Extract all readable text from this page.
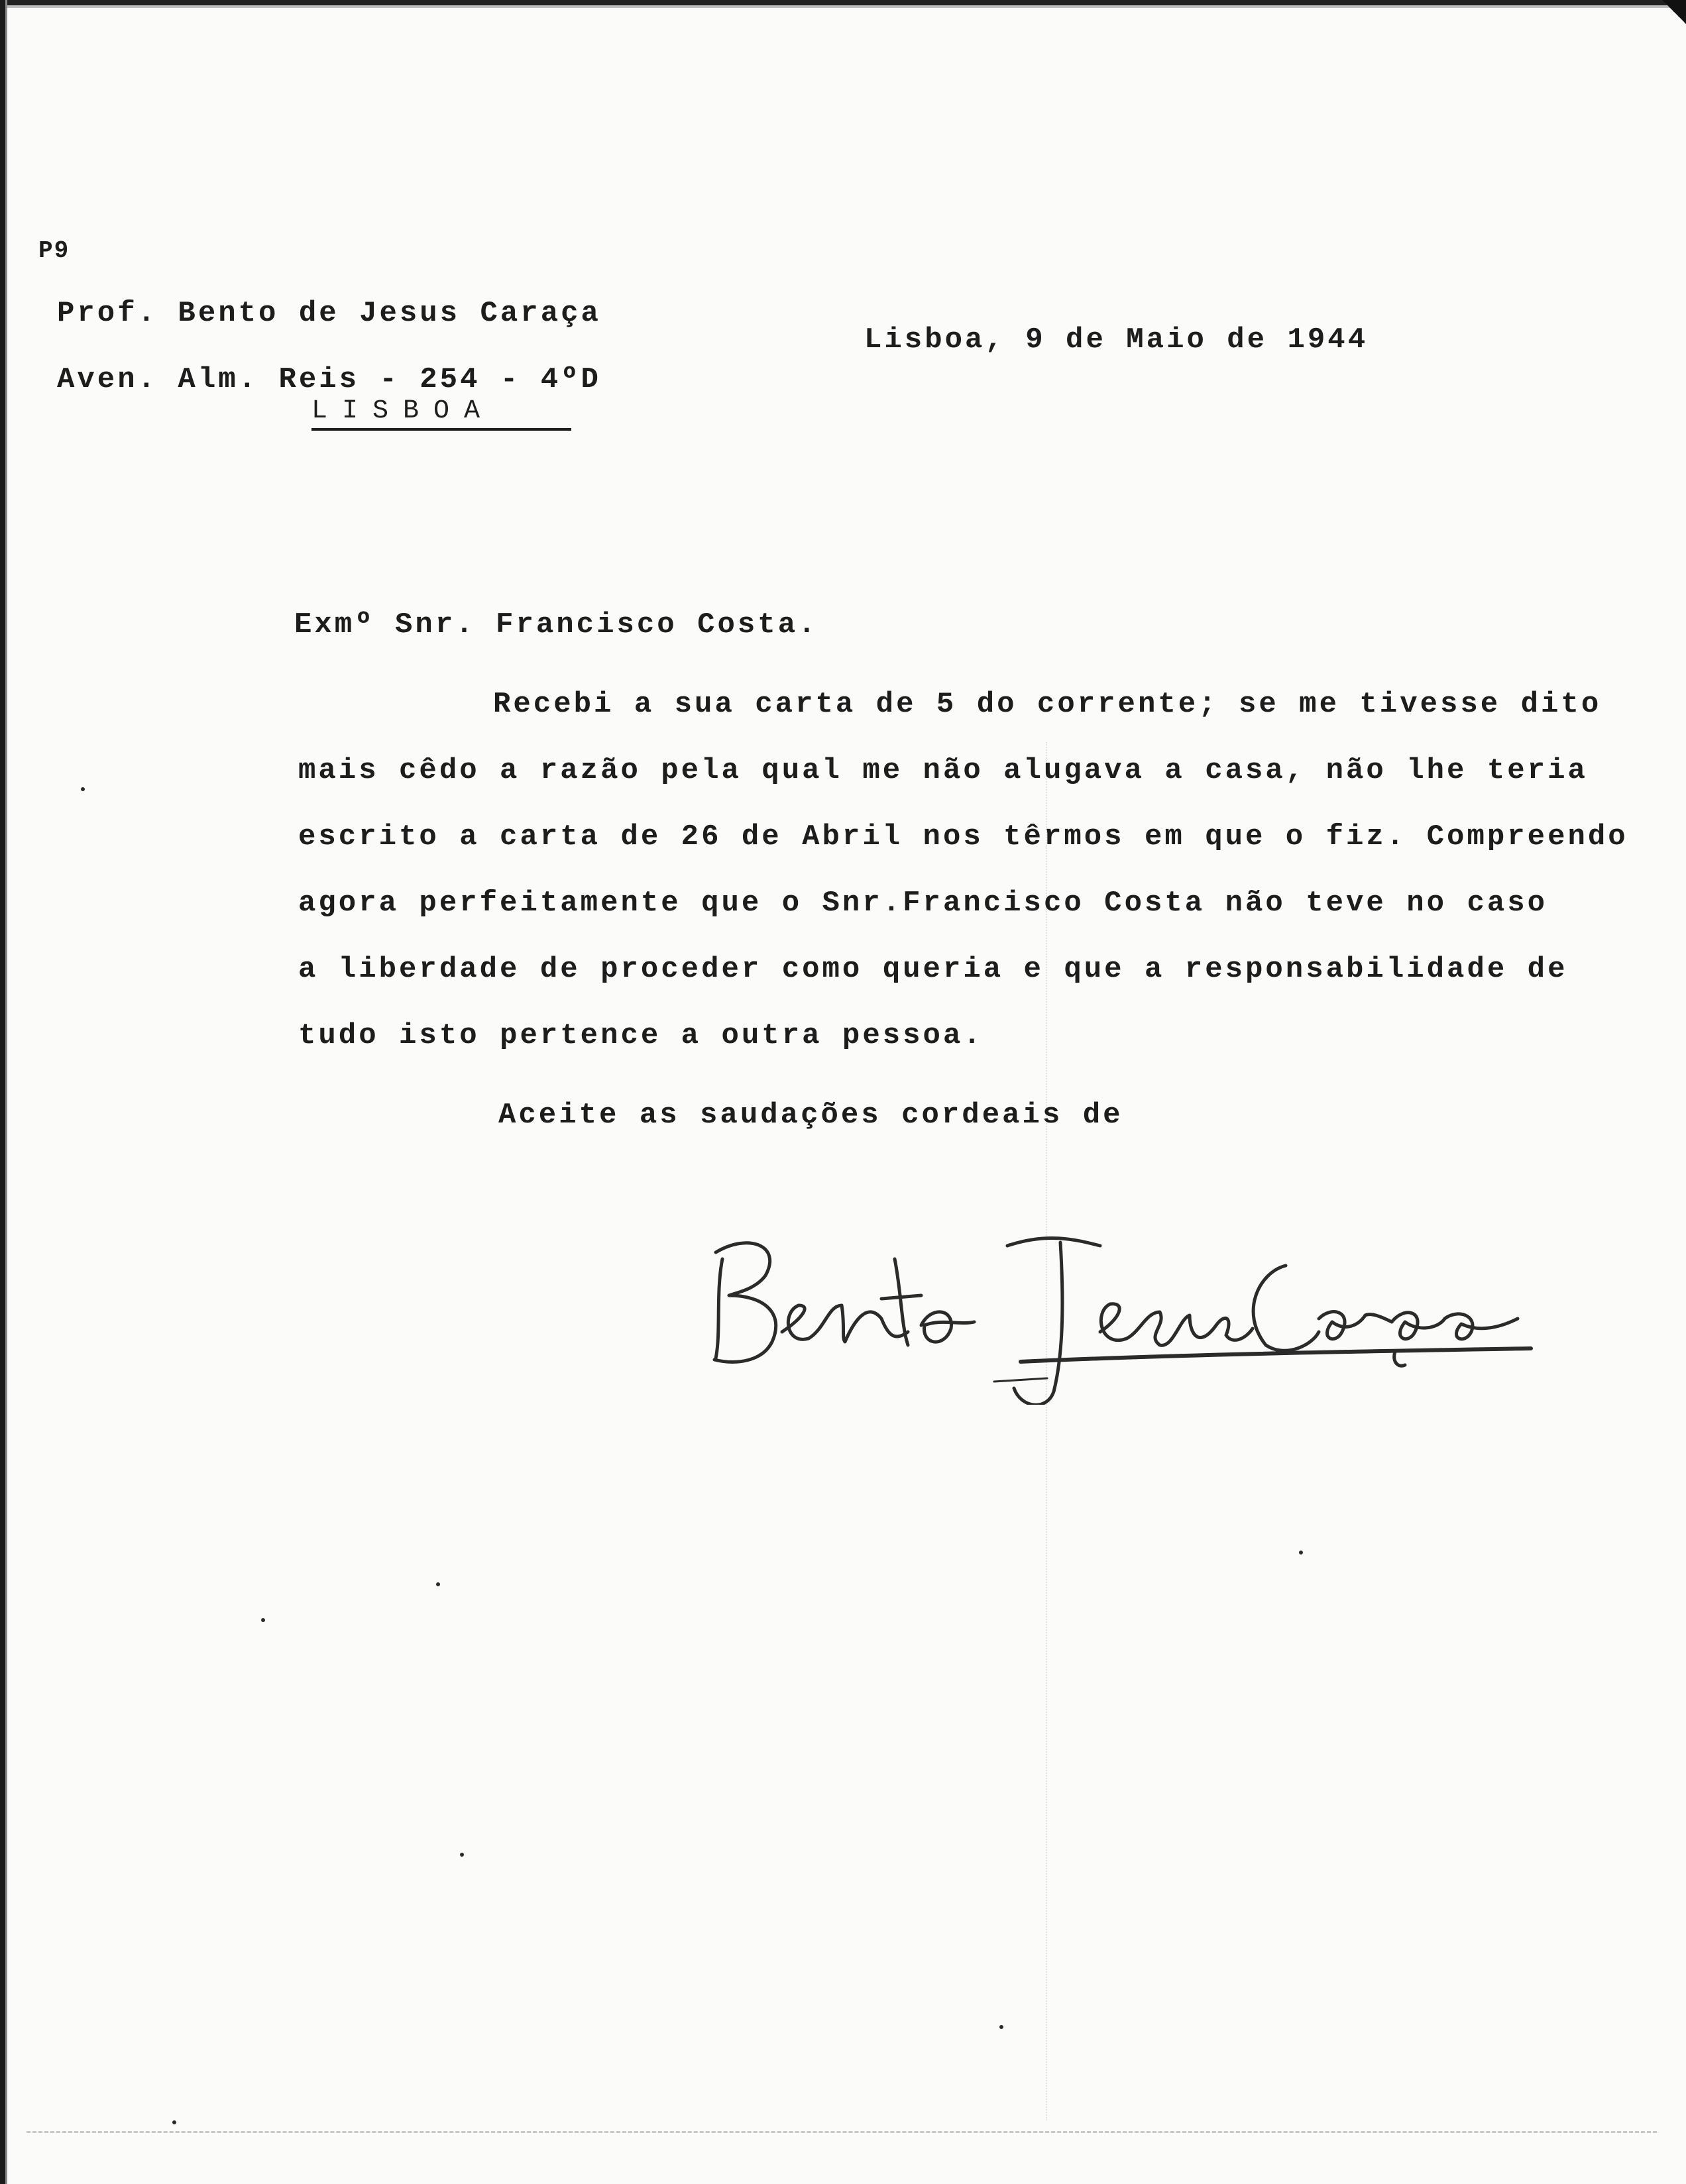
P9
Prof. Bento de Jesus Caraça
Aven. Alm. Reis - 254 - 4ºD
LISBOA
Lisboa, 9 de Maio de 1944
Exmº Snr. Francisco Costa.
Recebi a sua carta de 5 do corrente; se me tivesse dito
mais cêdo a razão pela qual me não alugava a casa, não lhe teria
escrito a carta de 26 de Abril nos têrmos em que o fiz. Compreendo
agora perfeitamente que o Snr.Francisco Costa não teve no caso
a liberdade de proceder como queria e que a responsabilidade de
tudo isto pertence a outra pessoa.
Aceite as saudações cordeais de
